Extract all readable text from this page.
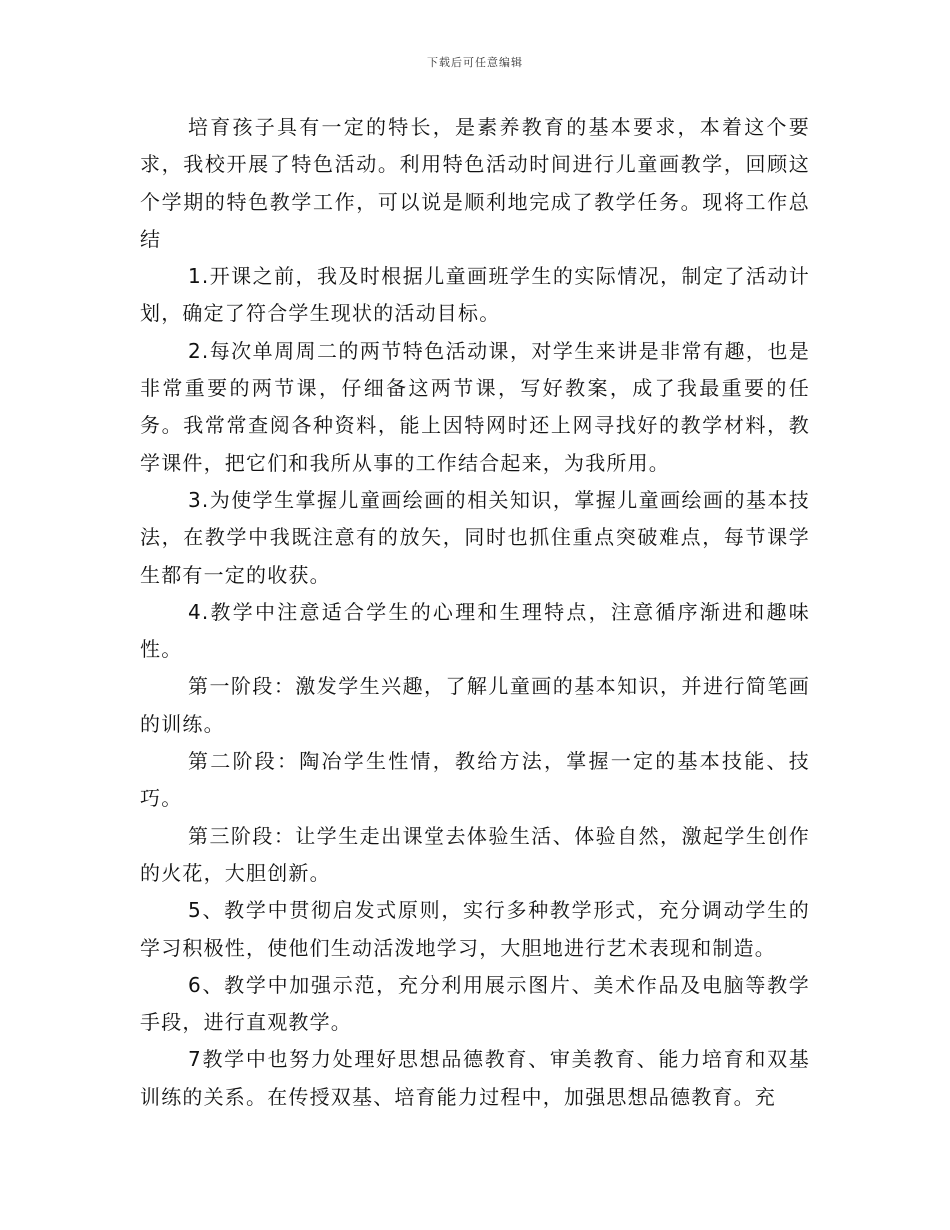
下载后可任意编辑

培育孩子具有一定的特长，是素养教育的基本要求，本着这个要求，我校开展了特色活动。利用特色活动时间进行儿童画教学，回顾这个学期的特色教学工作，可以说是顺利地完成了教学任务。现将工作总结

1.开课之前，我及时根据儿童画班学生的实际情况，制定了活动计划，确定了符合学生现状的活动目标。

2.每次单周周二的两节特色活动课，对学生来讲是非常有趣，也是非常重要的两节课，仔细备这两节课，写好教案，成了我最重要的任务。我常常查阅各种资料，能上因特网时还上网寻找好的教学材料，教学课件，把它们和我所从事的工作结合起来，为我所用。

3.为使学生掌握儿童画绘画的相关知识，掌握儿童画绘画的基本技法，在教学中我既注意有的放矢，同时也抓住重点突破难点，每节课学生都有一定的收获。

4.教学中注意适合学生的心理和生理特点，注意循序渐进和趣味性。

第一阶段：激发学生兴趣，了解儿童画的基本知识，并进行简笔画的训练。

第二阶段：陶冶学生性情，教给方法，掌握一定的基本技能、技巧。

第三阶段：让学生走出课堂去体验生活、体验自然，激起学生创作的火花，大胆创新。

5、教学中贯彻启发式原则，实行多种教学形式，充分调动学生的学习积极性，使他们生动活泼地学习，大胆地进行艺术表现和制造。

6、教学中加强示范，充分利用展示图片、美术作品及电脑等教学手段，进行直观教学。

7教学中也努力处理好思想品德教育、审美教育、能力培育和双基训练的关系。在传授双基、培育能力过程中，加强思想品德教育。充
